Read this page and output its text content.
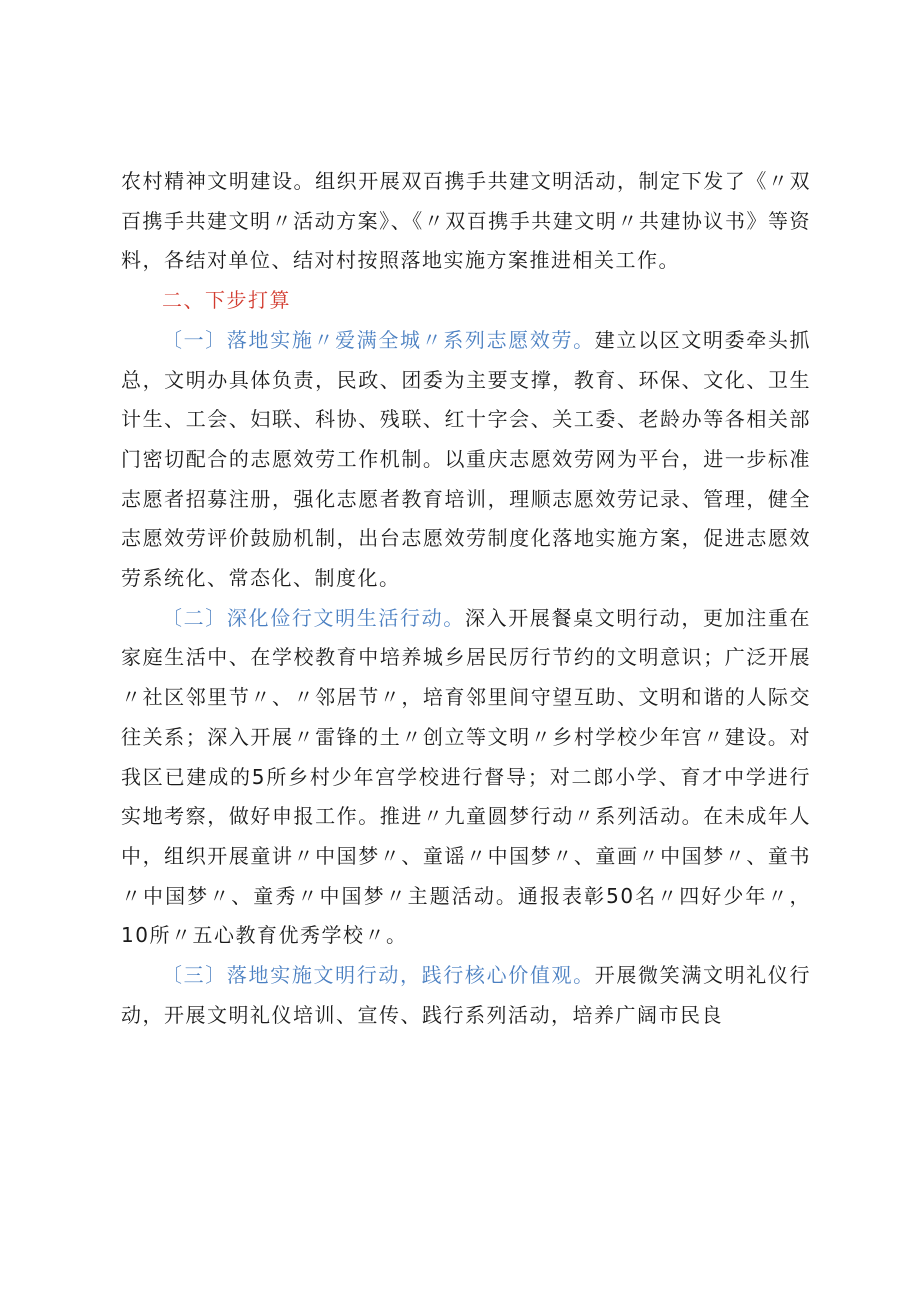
农村精神文明建设。组织开展双百携手共建文明活动，制定下发了《〃双百携手共建文明〃活动方案》、《〃双百携手共建文明〃共建协议书》等资料，各结对单位、结对村按照落地实施方案推进相关工作。

二、下步打算

〔一〕落地实施〃爱满全城〃系列志愿效劳。建立以区文明委牵头抓总，文明办具体负责，民政、团委为主要支撑，教育、环保、文化、卫生计生、工会、妇联、科协、残联、红十字会、关工委、老龄办等各相关部门密切配合的志愿效劳工作机制。以重庆志愿效劳网为平台，进一步标准志愿者招募注册，强化志愿者教育培训，理顺志愿效劳记录、管理，健全志愿效劳评价鼓励机制，出台志愿效劳制度化落地实施方案，促进志愿效劳系统化、常态化、制度化。

〔二〕深化俭行文明生活行动。深入开展餐桌文明行动，更加注重在家庭生活中、在学校教育中培养城乡居民厉行节约的文明意识；广泛开展〃社区邻里节〃、〃邻居节〃，培育邻里间守望互助、文明和谐的人际交往关系；深入开展〃雷锋的土〃创立等文明〃乡村学校少年宫〃建设。对我区已建成的5所乡村少年宫学校进行督导；对二郎小学、育才中学进行实地考察，做好申报工作。推进〃九童圆梦行动〃系列活动。在未成年人中，组织开展童讲〃中国梦〃、童谣〃中国梦〃、童画〃中国梦〃、童书〃中国梦〃、童秀〃中国梦〃主题活动。通报表彰50名〃四好少年〃，10所〃五心教育优秀学校〃。

〔三〕落地实施文明行动，践行核心价值观。开展微笑满文明礼仪行动，开展文明礼仪培训、宣传、践行系列活动，培养广阔市民良
